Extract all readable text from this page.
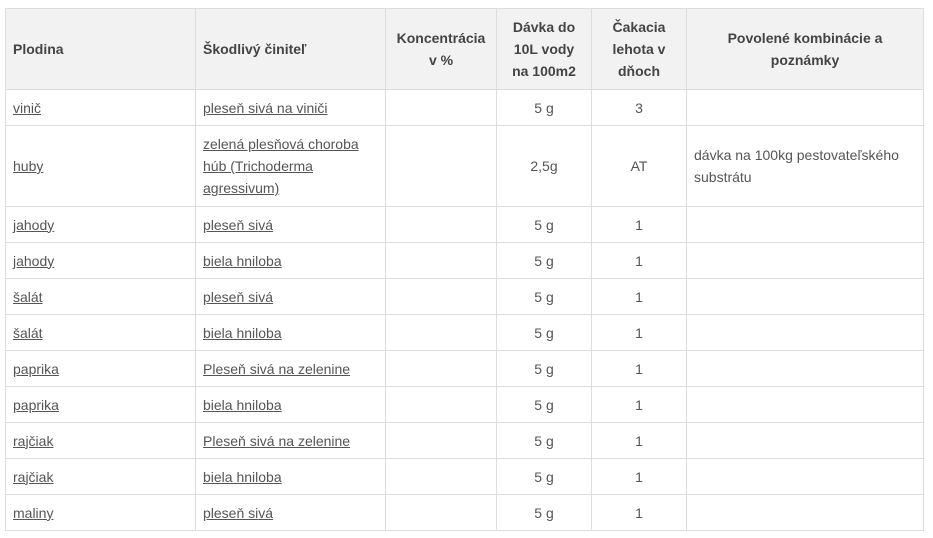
Plodina	Škodlivý činiteľ	Koncentrácia v %	Dávka do 10L vody na 100m2	Čakacia lehota v dňoch	Povolené kombinácie a poznámky
vinič	pleseň sivá na viniči		5 g	3	
huby	zelená plesňová choroba húb (Trichoderma agressivum)		2,5g	AT	dávka na 100kg pestovateľského substrátu
jahody	pleseň sivá		5 g	1	
jahody	biela hniloba		5 g	1	
šalát	pleseň sivá		5 g	1	
šalát	biela hniloba		5 g	1	
paprika	Pleseň sivá na zelenine		5 g	1	
paprika	biela hniloba		5 g	1	
rajčiak	Pleseň sivá na zelenine		5 g	1	
rajčiak	biela hniloba		5 g	1	
maliny	pleseň sivá		5 g	1	
